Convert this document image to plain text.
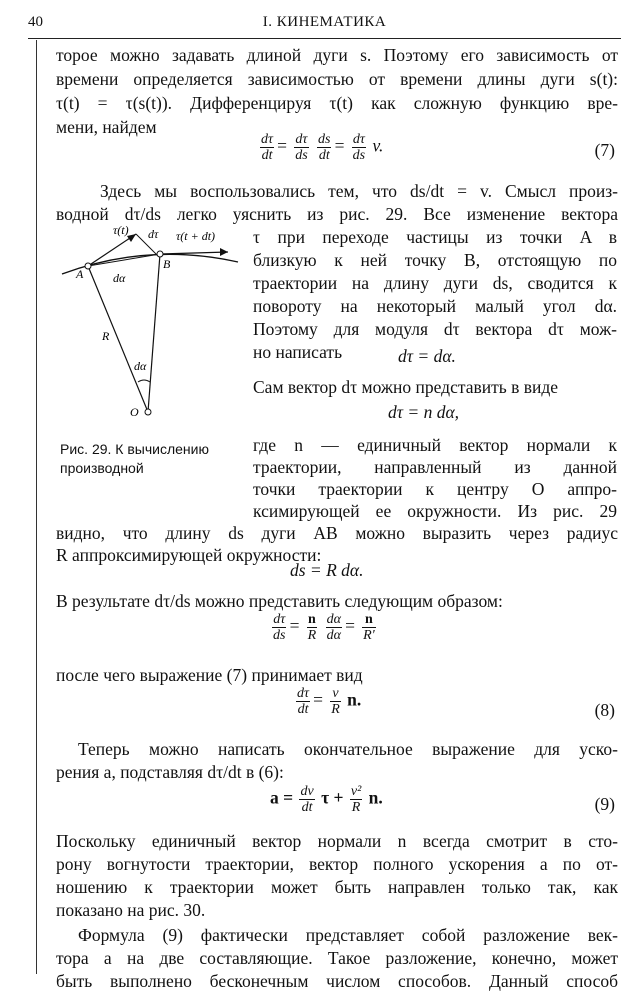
40	I. КИНЕМАТИКА
торое можно задавать длиной дуги s. Поэтому его зависимость от
времени определяется зависимостью от времени длины дуги s(t):
τ(t) = τ(s(t)). Дифференцируя τ(t) как сложную функцию вре-
мени, найдем
$\frac{d\tau}{dt} = \frac{d\tau}{ds}$
$\frac{ds}{dt} = \frac{d\tau}{ds} v$.	(7)
Здесь мы воспользовались тем, что ds/dt = v. Смысл произ-
водной dτ/ds легко уяснить из рис. 29. Все изменение вектора
τ при переходе частицы из точки A в
близкую к ней точку B, отстоящую по
траектории на длину дуги ds, сводится к
повороту на некоторый малый угол dα.
Поэтому для модуля dτ вектора dτ мож-
но написать	dτ = dα.
Сам вектор dτ можно представить в виде
dτ = n dα,
где n — единичный вектор нормали к
траектории, направленный из данной
точки траектории к центру O аппро-
ксимирующей ее окружности. Из рис. 29
видно, что длину ds дуги AB можно выразить через радиус
R аппроксимирующей окружности:
ds = R dα.
В результате dτ/ds можно представить следующим образом:
$\frac{d\tau}{ds} = \frac{n}{R}$
$\frac{d\alpha}{d\alpha} = \frac{n}{R'}$
после чего выражение (7) принимает вид
$\frac{d\tau}{dt} = \frac{v}{R} n$.
(8)
Теперь можно написать окончательное выражение для уско-
рения a, подставляя dτ/dt в (6):
$a = \frac{dv}{dt}$ $\tau + \frac{\text{v²}}{R} n$.	(9)
Поскольку единичный вектор нормали n всегда смотрит в сто-
рону вогнутости траектории, вектор полного ускорения a по от-
ношению к траектории может быть направлен только так, как
показано на рис. 30.
Формула (9) фактически представляет собой разложение век-
тора a на две составляющие. Такое разложение, конечно, может
быть выполнено бесконечным числом способов. Данный способ
τ(t) dτ τ(t + dt)
A
B
dα
R
dα
O
Рис. 29. К вычислению
производной
